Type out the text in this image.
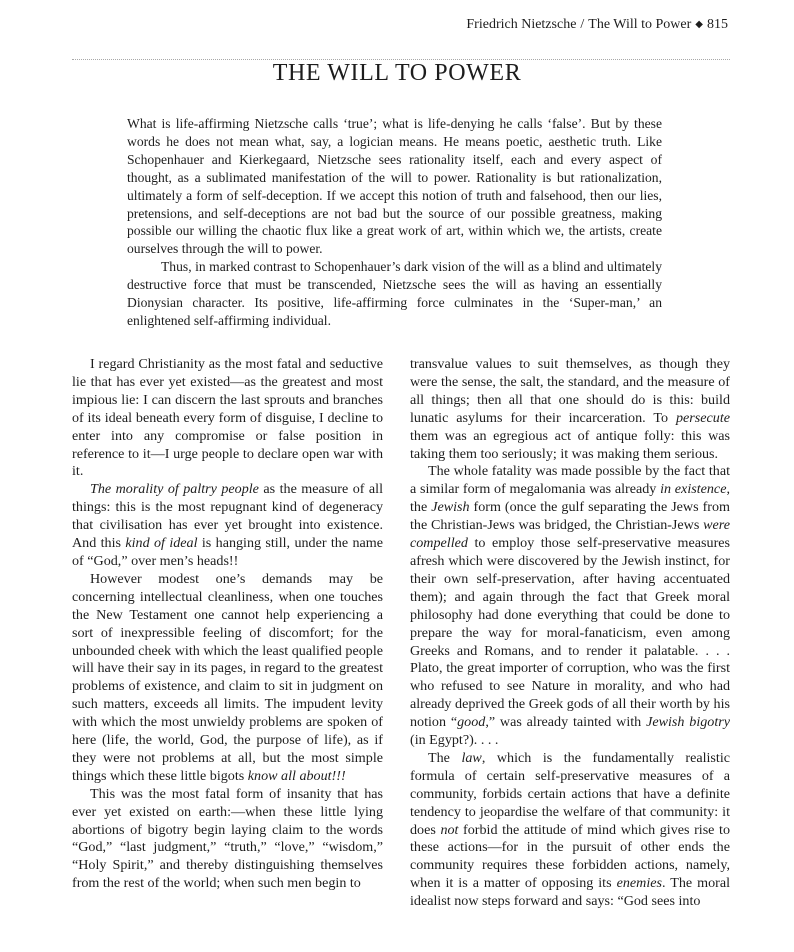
Friedrich Nietzsche / The Will to Power ◆ 815
THE WILL TO POWER

What is life-affirming Nietzsche calls ‘true’; what is life-denying he calls ‘false’. But by these words he does not mean what, say, a logician means. He means poetic, aesthetic truth. Like Schopenhauer and Kierkegaard, Nietzsche sees rationality itself, each and every aspect of thought, as a sublimated manifestation of the will to power. Rationality is but rationalization, ultimately a form of self-deception. If we accept this notion of truth and falsehood, then our lies, pretensions, and self-deceptions are not bad but the source of our possible greatness, making possible our willing the chaotic flux like a great work of art, within which we, the artists, create ourselves through the will to power.

Thus, in marked contrast to Schopenhauer’s dark vision of the will as a blind and ultimately destructive force that must be transcended, Nietzsche sees the will as having an essentially Dionysian character. Its positive, life-affirming force culminates in the ‘Super-man,’ an enlightened self-affirming individual.

I regard Christianity as the most fatal and seductive lie that has ever yet existed—as the greatest and most impious lie: I can discern the last sprouts and branches of its ideal beneath every form of disguise, I decline to enter into any compromise or false position in reference to it—I urge people to declare open war with it.

The morality of paltry people as the measure of all things: this is the most repugnant kind of degeneracy that civilisation has ever yet brought into existence. And this kind of ideal is hanging still, under the name of “God,” over men’s heads!!

However modest one’s demands may be concerning intellectual cleanliness, when one touches the New Testament one cannot help experiencing a sort of inexpressible feeling of discomfort; for the unbounded cheek with which the least qualified people will have their say in its pages, in regard to the greatest problems of existence, and claim to sit in judgment on such matters, exceeds all limits. The impudent levity with which the most unwieldy problems are spoken of here (life, the world, God, the purpose of life), as if they were not problems at all, but the most simple things which these little bigots know all about!!!

This was the most fatal form of insanity that has ever yet existed on earth:—when these little lying abortions of bigotry begin laying claim to the words “God,” “last judgment,” “truth,” “love,” “wisdom,” “Holy Spirit,” and thereby distinguishing themselves from the rest of the world; when such men begin to

transvalue values to suit themselves, as though they were the sense, the salt, the standard, and the measure of all things; then all that one should do is this: build lunatic asylums for their incarceration. To persecute them was an egregious act of antique folly: this was taking them too seriously; it was making them serious.

The whole fatality was made possible by the fact that a similar form of megalomania was already in existence, the Jewish form (once the gulf separating the Jews from the Christian-Jews was bridged, the Christian-Jews were compelled to employ those self-preservative measures afresh which were discovered by the Jewish instinct, for their own self-preservation, after having accentuated them); and again through the fact that Greek moral philosophy had done everything that could be done to prepare the way for moral-fanaticism, even among Greeks and Romans, and to render it palatable. . . . Plato, the great importer of corruption, who was the first who refused to see Nature in morality, and who had already deprived the Greek gods of all their worth by his notion “good,” was already tainted with Jewish bigotry (in Egypt?). . . .

The law, which is the fundamentally realistic formula of certain self-preservative measures of a community, forbids certain actions that have a definite tendency to jeopardise the welfare of that community: it does not forbid the attitude of mind which gives rise to these actions—for in the pursuit of other ends the community requires these forbidden actions, namely, when it is a matter of opposing its enemies. The moral idealist now steps forward and says: “God sees into
